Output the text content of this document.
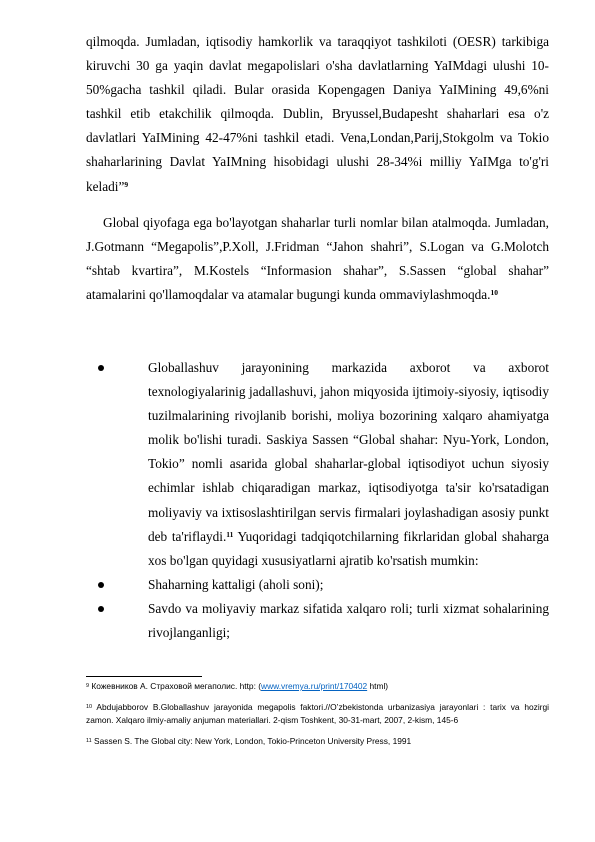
qilmoqda. Jumladan, iqtisodiy hamkorlik va taraqqiyot tashkiloti (OESR) tarkibiga kiruvchi 30 ga yaqin davlat megapolislari o'sha davlatlarning YaIMdagi ulushi 10-50%gacha tashkil qiladi. Bular orasida Kopengagen Daniya YaIMining 49,6%ni tashkil etib etakchilik qilmoqda. Dublin, Bryussel,Budapesht shaharlari esa o'z davlatlari YaIMining 42-47%ni tashkil etadi. Vena,Londan,Parij,Stokgolm va Tokio shaharlarining Davlat YaIMning hisobidagi ulushi 28-34%i milliy YaIMga to'g'ri keladi”$^9$

Global qiyofaga ega bo'layotgan shaharlar turli nomlar bilan atalmoqda. Jumladan, J.Gotmann “Megapolis”,P.Xoll, J.Fridman “Jahon shahri”, S.Logan va G.Molotch “shtab kvartira”, M.Kostels “Informasion shahar”, S.Sassen “global shahar” atamalarini qo'llamoqdalar va atamalar bugungi kunda ommaviylashmoqda.$^{10}$

Globallashuv jarayonining markazida axborot va axborot texnologiyalarinig jadallashuvi, jahon miqyosida ijtimoiy-siyosiy, iqtisodiy tuzilmalarining rivojlanib borishi, moliya bozorining xalqaro ahamiyatga molik bo'lishi turadi. Saskiya Sassen “Global shahar: Nyu-York, London, Tokio” nomli asarida global shaharlar-global iqtisodiyot uchun siyosiy echimlar ishlab chiqaradigan markaz, iqtisodiyotga ta'sir ko'rsatadigan moliyaviy va ixtisoslashtirilgan servis firmalari joylashadigan asosiy punkt deb ta'riflaydi.$^{11}$ Yuqoridagi tadqiqotchilarning fikrlaridan global shaharga xos bo'lgan quyidagi xususiyatlarni ajratib ko'rsatish mumkin:
Shaharning kattaligi (aholi soni);
Savdo va moliyaviy markaz sifatida xalqaro roli; turli xizmat sohalarining rivojlanganligi;

$^9$ Кожевников А. Страховой мегаполис. http: (www.vremya.ru/print/170402 html)

$^{10}$ Abdujabborov B.Globallashuv jarayonida megapolis faktori.//O’zbekistonda urbanizasiya jarayonlari : tarix va hozirgi zamon. Xalqaro ilmiy-amaliy anjuman materiallari. 2-qism Toshkent, 30-31-mart, 2007, 2-kism, 145-6

$^{11}$ Sassen S. The Global city: New York, London, Tokio-Princeton University Press, 1991
